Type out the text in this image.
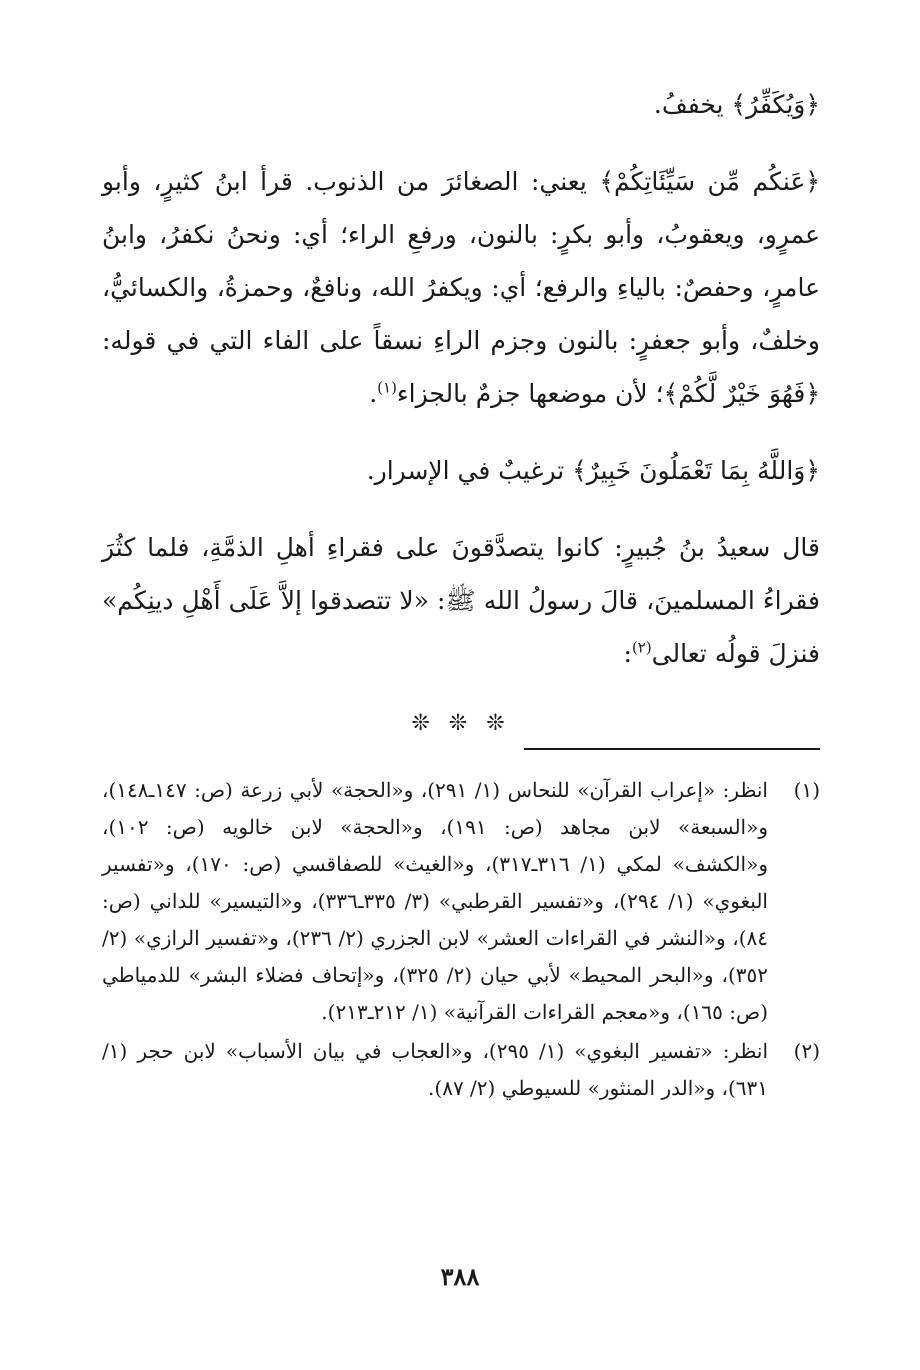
﴿وَيُكَفِّرُ﴾ يخففُ.

﴿عَنكُم مِّن سَيِّئَاتِكُمْ﴾ يعني: الصغائرَ من الذنوب. قرأ ابنُ كثيرٍ، وأبو عمرٍو، ويعقوبُ، وأبو بكرٍ: بالنون، ورفعِ الراء؛ أي: ونحنُ نكفرُ، وابنُ عامرٍ، وحفصٌ: بالياءِ والرفع؛ أي: ويكفرُ الله، ونافعٌ، وحمزةُ، والكسائيُّ، وخلفٌ، وأبو جعفرٍ: بالنون وجزم الراءِ نسقاً على الفاء التي في قوله: ﴿فَهُوَ خَيْرٌ لَّكُمْ﴾؛ لأن موضعها جزمٌ بالجزاء$^{(١)}$.

﴿وَاللَّهُ بِمَا تَعْمَلُونَ خَبِيرٌ﴾ ترغيبٌ في الإسرار.

قال سعيدُ بنُ جُبيرٍ: كانوا يتصدَّقونَ على فقراءِ أهلِ الذمَّةِ، فلما كثُرَ فقراءُ المسلمينَ، قالَ رسولُ الله ﷺ: «لا تتصدقوا إلاَّ عَلَى أَهْلِ دينِكُم» فنزلَ قولُه تعالى$^{(٢)}$:

❊ ❊ ❊
(١)
انظر: «إعراب القرآن» للنحاس (١/ ٢٩١)، و«الحجة» لأبي زرعة (ص: ١٤٧ـ١٤٨)، و«السبعة» لابن مجاهد (ص: ١٩١)، و«الحجة» لابن خالويه (ص: ١٠٢)، و«الكشف» لمكي (١/ ٣١٦ـ٣١٧)، و«الغيث» للصفاقسي (ص: ١٧٠)، و«تفسير البغوي» (١/ ٢٩٤)، و«تفسير القرطبي» (٣/ ٣٣٥ـ٣٣٦)، و«التيسير» للداني (ص: ٨٤)، و«النشر في القراءات العشر» لابن الجزري (٢/ ٢٣٦)، و«تفسير الرازي» (٢/ ٣٥٢)، و«البحر المحيط» لأبي حيان (٢/ ٣٢٥)، و«إتحاف فضلاء البشر» للدمياطي (ص: ١٦٥)، و«معجم القراءات القرآنية» (١/ ٢١٢ـ٢١٣).
(٢)
انظر: «تفسير البغوي» (١/ ٢٩٥)، و«العجاب في بيان الأسباب» لابن حجر (١/ ٦٣١)، و«الدر المنثور» للسيوطي (٢/ ٨٧).
٣٨٨
